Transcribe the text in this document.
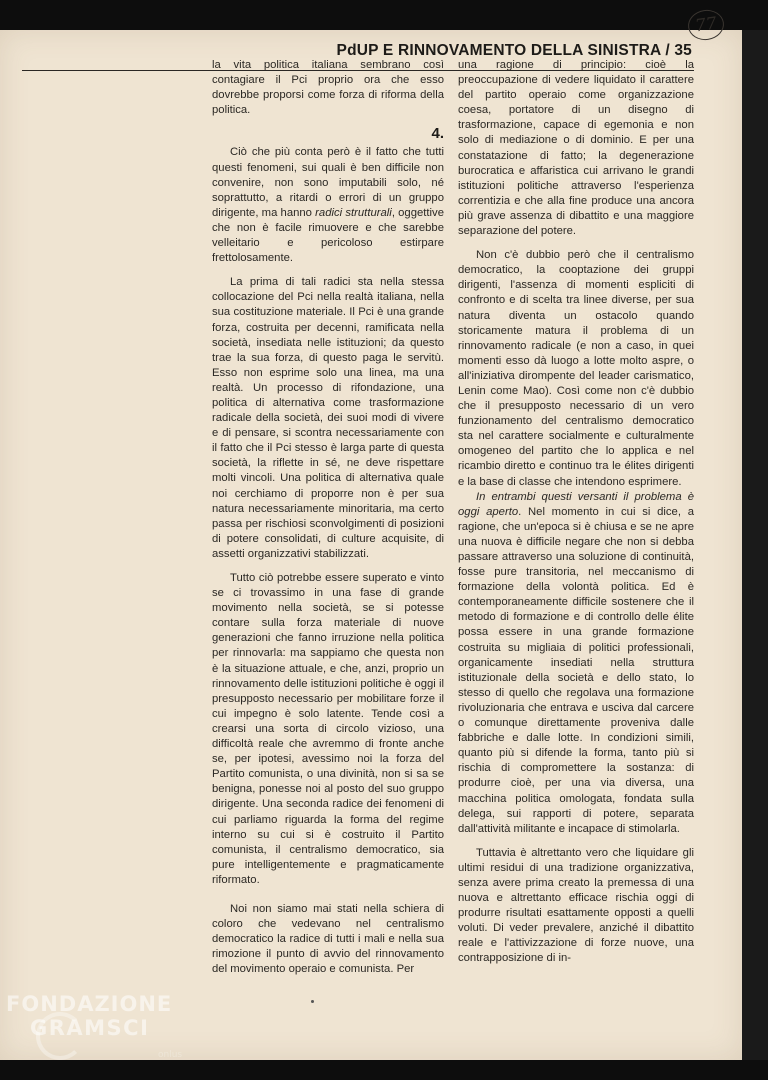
77
PdUP E RINNOVAMENTO DELLA SINISTRA / 35

la vita politica italiana sembrano così contagiare il Pci proprio ora che esso dovrebbe proporsi come forza di riforma della politica.

4.

Ciò che più conta però è il fatto che tutti questi fenomeni, sui quali è ben difficile non convenire, non sono imputabili solo, né soprattutto, a ritardi o errori di un gruppo dirigente, ma hanno radici strutturali, oggettive che non è facile rimuovere e che sarebbe velleitario e pericoloso estirpare frettolosamente.

La prima di tali radici sta nella stessa collocazione del Pci nella realtà italiana, nella sua costituzione materiale. Il Pci è una grande forza, costruita per decenni, ramificata nella società, insediata nelle istituzioni; da questo trae la sua forza, di questo paga le servitù. Esso non esprime solo una linea, ma una realtà. Un processo di rifondazione, una politica di alternativa come trasformazione radicale della società, dei suoi modi di vivere e di pensare, si scontra necessariamente con il fatto che il Pci stesso è larga parte di questa società, la riflette in sé, ne deve rispettare molti vincoli. Una politica di alternativa quale noi cerchiamo di proporre non è per sua natura necessariamente minoritaria, ma certo passa per rischiosi sconvolgimenti di posizioni di potere consolidati, di culture acquisite, di assetti organizzativi stabilizzati.

Tutto ciò potrebbe essere superato e vinto se ci trovassimo in una fase di grande movimento nella società, se si potesse contare sulla forza materiale di nuove generazioni che fanno irruzione nella politica per rinnovarla: ma sappiamo che questa non è la situazione attuale, e che, anzi, proprio un rinnovamento delle istituzioni politiche è oggi il presupposto necessario per mobilitare forze il cui impegno è solo latente. Tende così a crearsi una sorta di circolo vizioso, una difficoltà reale che avremmo di fronte anche se, per ipotesi, avessimo noi la forza del Partito comunista, o una divinità, non si sa se benigna, ponesse noi al posto del suo gruppo dirigente. Una seconda radice dei fenomeni di cui parliamo riguarda la forma del regime interno su cui si è costruito il Partito comunista, il centralismo democratico, sia pure intelligentemente e pragmaticamente riformato.

Noi non siamo mai stati nella schiera di coloro che vedevano nel centralismo democratico la radice di tutti i mali e nella sua rimozione il punto di avvio del rinnovamento del movimento operaio e comunista. Per

una ragione di principio: cioè la preoccupazione di vedere liquidato il carattere del partito operaio come organizzazione coesa, portatore di un disegno di trasformazione, capace di egemonia e non solo di mediazione o di dominio. E per una constatazione di fatto; la degenerazione burocratica e affaristica cui arrivano le grandi istituzioni politiche attraverso l'esperienza correntizia e che alla fine produce una ancora più grave assenza di dibattito e una maggiore separazione del potere.

Non c'è dubbio però che il centralismo democratico, la cooptazione dei gruppi dirigenti, l'assenza di momenti espliciti di confronto e di scelta tra linee diverse, per sua natura diventa un ostacolo quando storicamente matura il problema di un rinnovamento radicale (e non a caso, in quei momenti esso dà luogo a lotte molto aspre, o all'iniziativa dirompente del leader carismatico, Lenin come Mao). Così come non c'è dubbio che il presupposto necessario di un vero funzionamento del centralismo democratico sta nel carattere socialmente e culturalmente omogeneo del partito che lo applica e nel ricambio diretto e continuo tra le élites dirigenti e la base di classe che intendono esprimere.

In entrambi questi versanti il problema è oggi aperto. Nel momento in cui si dice, a ragione, che un'epoca si è chiusa e se ne apre una nuova è difficile negare che non si debba passare attraverso una soluzione di continuità, fosse pure transitoria, nel meccanismo di formazione della volontà politica. Ed è contemporaneamente difficile sostenere che il metodo di formazione e di controllo delle élite possa essere in una grande formazione costruita su migliaia di politici professionali, organicamente insediati nella struttura istituzionale della società e dello stato, lo stesso di quello che regolava una formazione rivoluzionaria che entrava e usciva dal carcere o comunque direttamente proveniva dalle fabbriche e dalle lotte. In condizioni simili, quanto più si difende la forma, tanto più si rischia di compromettere la sostanza: di produrre cioè, per una via diversa, una macchina politica omologata, fondata sulla delega, sui rapporti di potere, separata dall'attività militante e incapace di stimolarla.

Tuttavia è altrettanto vero che liquidare gli ultimi residui di una tradizione organizzativa, senza avere prima creato la premessa di una nuova e altrettanto efficace rischia oggi di produrre risultati esattamente opposti a quelli voluti. Di veder prevalere, anziché il dibattito reale e l'attivizzazione di forze nuove, una contrapposizione di in-

FONDAZIONE
GRAMSCI
onlus
